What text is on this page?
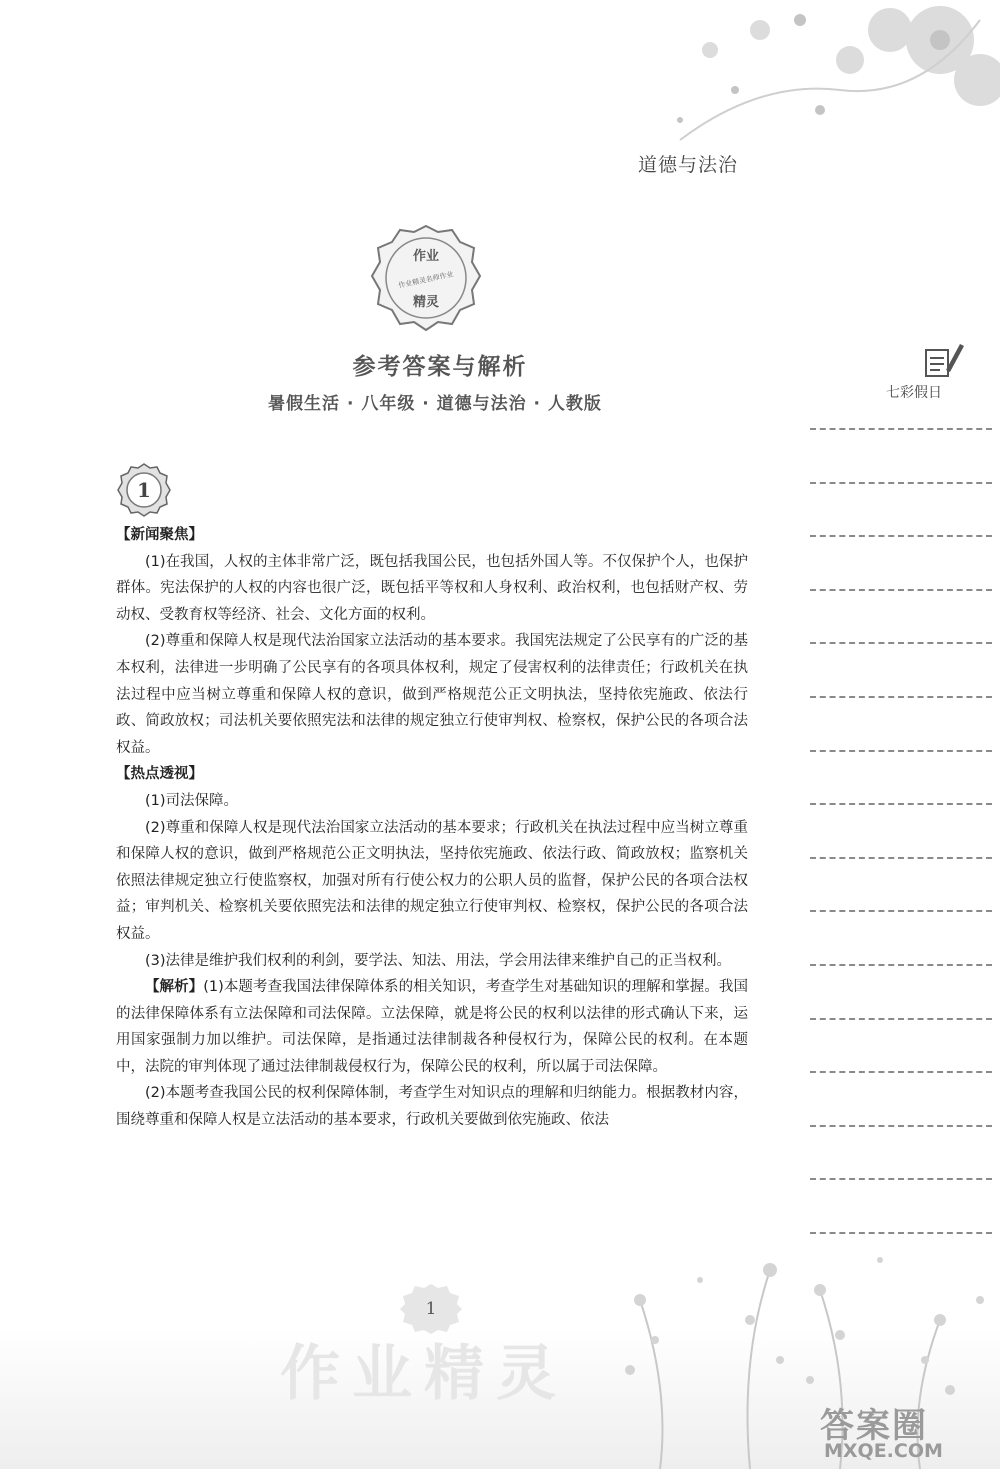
道德与法治
作业
作业精灵名师作业
精灵
参考答案与解析
暑假生活 · 八年级 · 道德与法治 · 人教版
七彩假日
1

【新闻聚焦】

(1)在我国，人权的主体非常广泛，既包括我国公民，也包括外国人等。不仅保护个人，也保护群体。宪法保护的人权的内容也很广泛，既包括平等权和人身权利、政治权利，也包括财产权、劳动权、受教育权等经济、社会、文化方面的权利。

(2)尊重和保障人权是现代法治国家立法活动的基本要求。我国宪法规定了公民享有的广泛的基本权利，法律进一步明确了公民享有的各项具体权利，规定了侵害权利的法律责任；行政机关在执法过程中应当树立尊重和保障人权的意识，做到严格规范公正文明执法，坚持依宪施政、依法行政、简政放权；司法机关要依照宪法和法律的规定独立行使审判权、检察权，保护公民的各项合法权益。

【热点透视】

(1)司法保障。

(2)尊重和保障人权是现代法治国家立法活动的基本要求；行政机关在执法过程中应当树立尊重和保障人权的意识，做到严格规范公正文明执法，坚持依宪施政、依法行政、简政放权；监察机关依照法律规定独立行使监察权，加强对所有行使公权力的公职人员的监督，保护公民的各项合法权益；审判机关、检察机关要依照宪法和法律的规定独立行使审判权、检察权，保护公民的各项合法权益。

(3)法律是维护我们权利的利剑，要学法、知法、用法，学会用法律来维护自己的正当权利。

【解析】(1)本题考查我国法律保障体系的相关知识，考查学生对基础知识的理解和掌握。我国的法律保障体系有立法保障和司法保障。立法保障，就是将公民的权利以法律的形式确认下来，运用国家强制力加以维护。司法保障，是指通过法律制裁各种侵权行为，保障公民的权利。在本题中，法院的审判体现了通过法律制裁侵权行为，保障公民的权利，所以属于司法保障。

(2)本题考查我国公民的权利保障体制，考查学生对知识点的理解和归纳能力。根据教材内容，围绕尊重和保障人权是立法活动的基本要求，行政机关要做到依宪施政、依法

作业精灵
1
答案圈
MXQE.COM
